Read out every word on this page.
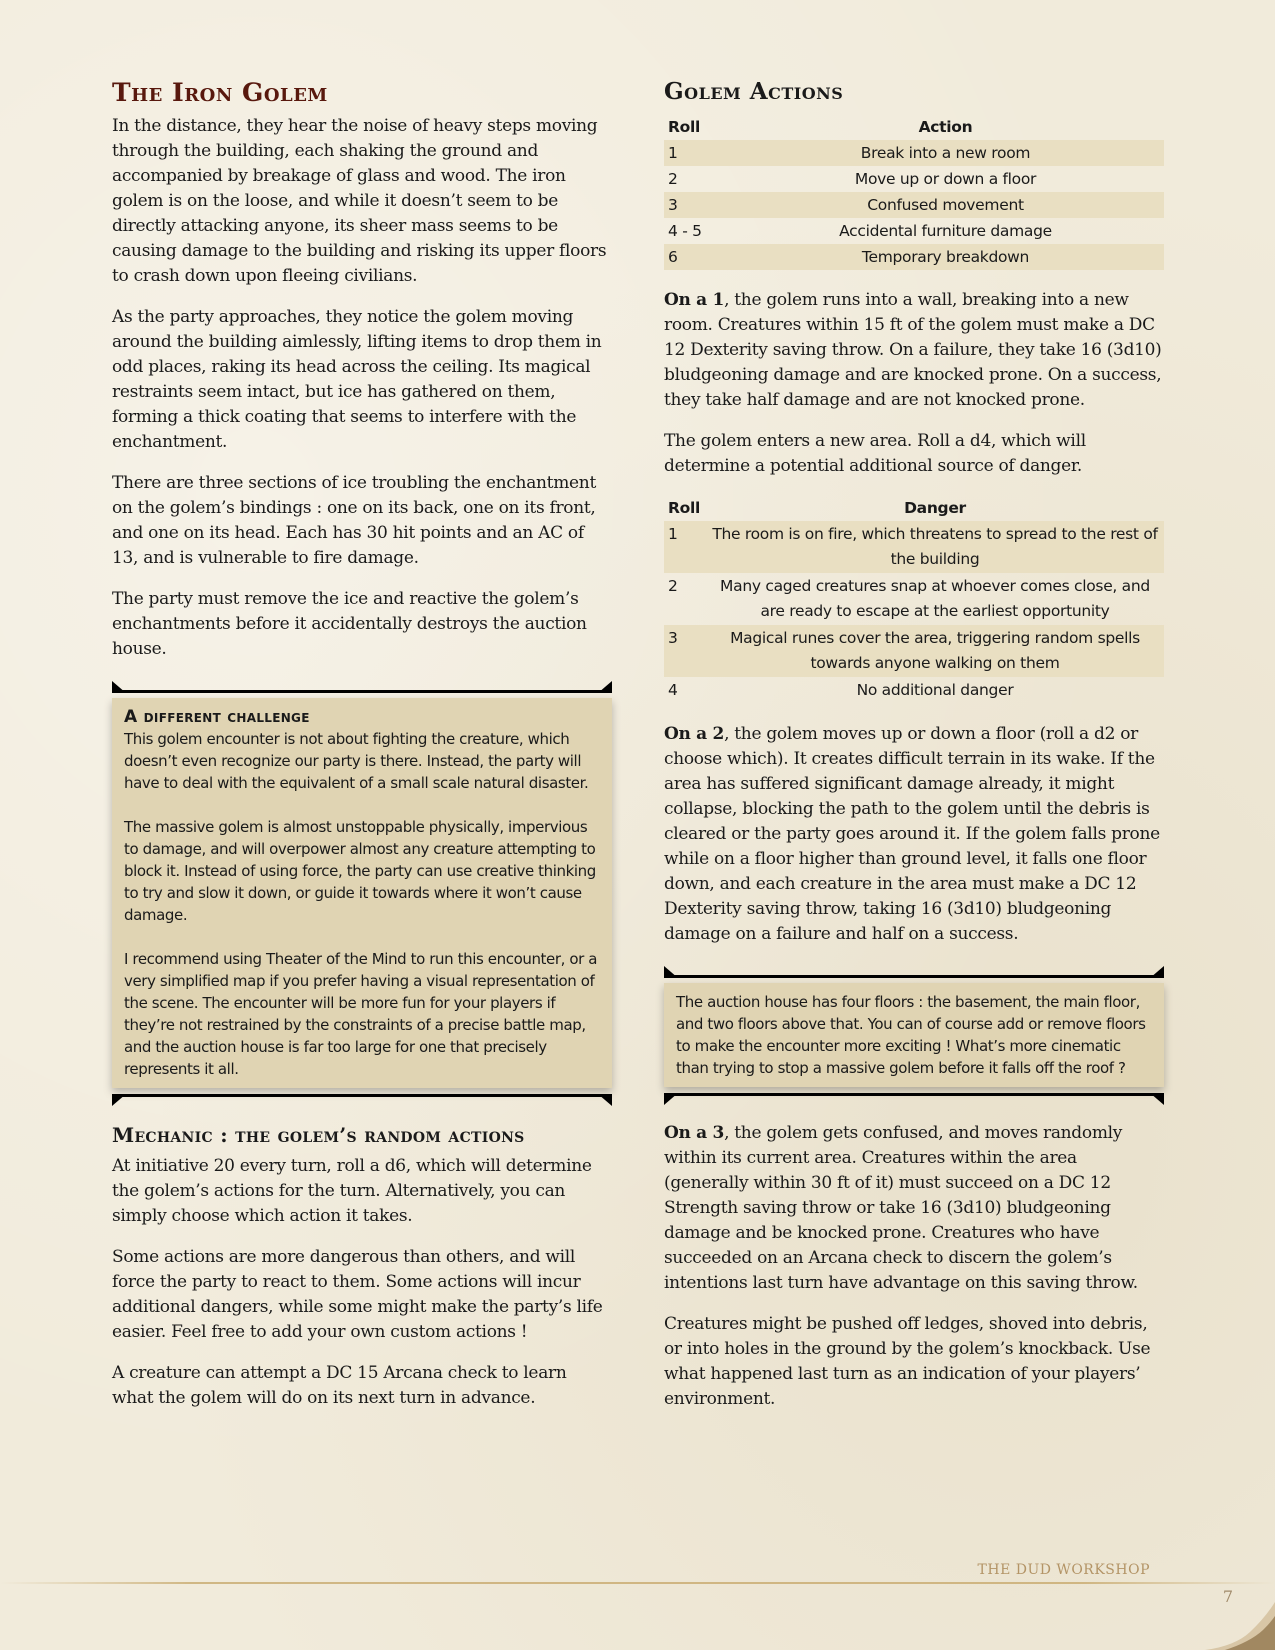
The Iron Golem

In the distance, they hear the noise of heavy steps moving through the building, each shaking the ground and accompanied by breakage of glass and wood. The iron golem is on the loose, and while it doesn’t seem to be directly attacking anyone, its sheer mass seems to be causing damage to the building and risking its upper floors to crash down upon fleeing civilians.

As the party approaches, they notice the golem moving around the building aimlessly, lifting items to drop them in odd places, raking its head across the ceiling. Its magical restraints seem intact, but ice has gathered on them, forming a thick coating that seems to interfere with the enchantment.

There are three sections of ice troubling the enchantment on the golem’s bindings : one on its back, one on its front, and one on its head. Each has 30 hit points and an AC of 13, and is vulnerable to fire damage.

The party must remove the ice and reactive the golem’s enchantments before it accidentally destroys the auction house.

A different challenge

This golem encounter is not about fighting the creature, which doesn’t even recognize our party is there. Instead, the party will have to deal with the equivalent of a small scale natural disaster.

The massive golem is almost unstoppable physically, impervious to damage, and will overpower almost any creature attempting to block it. Instead of using force, the party can use creative thinking to try and slow it down, or guide it towards where it won’t cause damage.

I recommend using Theater of the Mind to run this encounter, or a very simplified map if you prefer having a visual representation of the scene. The encounter will be more fun for your players if they’re not restrained by the constraints of a precise battle map, and the auction house is far too large for one that precisely represents it all.

Mechanic : the golem’s random actions

At initiative 20 every turn, roll a d6, which will determine the golem’s actions for the turn. Alternatively, you can simply choose which action it takes.

Some actions are more dangerous than others, and will force the party to react to them. Some actions will incur additional dangers, while some might make the party’s life easier. Feel free to add your own custom actions !

A creature can attempt a DC 15 Arcana check to learn what the golem will do on its next turn in advance.

Golem Actions
Roll	Action
1	Break into a new room
2	Move up or down a floor
3	Confused movement
4 - 5	Accidental furniture damage
6	Temporary breakdown

On a 1, the golem runs into a wall, breaking into a new room. Creatures within 15 ft of the golem must make a DC 12 Dexterity saving throw. On a failure, they take 16 (3d10) bludgeoning damage and are knocked prone. On a success, they take half damage and are not knocked prone.

The golem enters a new area. Roll a d4, which will determine a potential additional source of danger.

Roll	Danger
1	The room is on fire, which threatens to spread to the rest of the building
2	Many caged creatures snap at whoever comes close, and are ready to escape at the earliest opportunity
3	Magical runes cover the area, triggering random spells towards anyone walking on them
4	No additional danger

On a 2, the golem moves up or down a floor (roll a d2 or choose which). It creates difficult terrain in its wake. If the area has suffered significant damage already, it might collapse, blocking the path to the golem until the debris is cleared or the party goes around it. If the golem falls prone while on a floor higher than ground level, it falls one floor down, and each creature in the area must make a DC 12 Dexterity saving throw, taking 16 (3d10) bludgeoning damage on a failure and half on a success.

The auction house has four floors : the basement, the main floor, and two floors above that. You can of course add or remove floors to make the encounter more exciting ! What’s more cinematic than trying to stop a massive golem before it falls off the roof ?

On a 3, the golem gets confused, and moves randomly within its current area. Creatures within the area (generally within 30 ft of it) must succeed on a DC 12 Strength saving throw or take 16 (3d10) bludgeoning damage and be knocked prone. Creatures who have succeeded on an Arcana check to discern the golem’s intentions last turn have advantage on this saving throw.

Creatures might be pushed off ledges, shoved into debris, or into holes in the ground by the golem’s knockback. Use what happened last turn as an indication of your players’ environment.

THE DUD WORKSHOP
7
